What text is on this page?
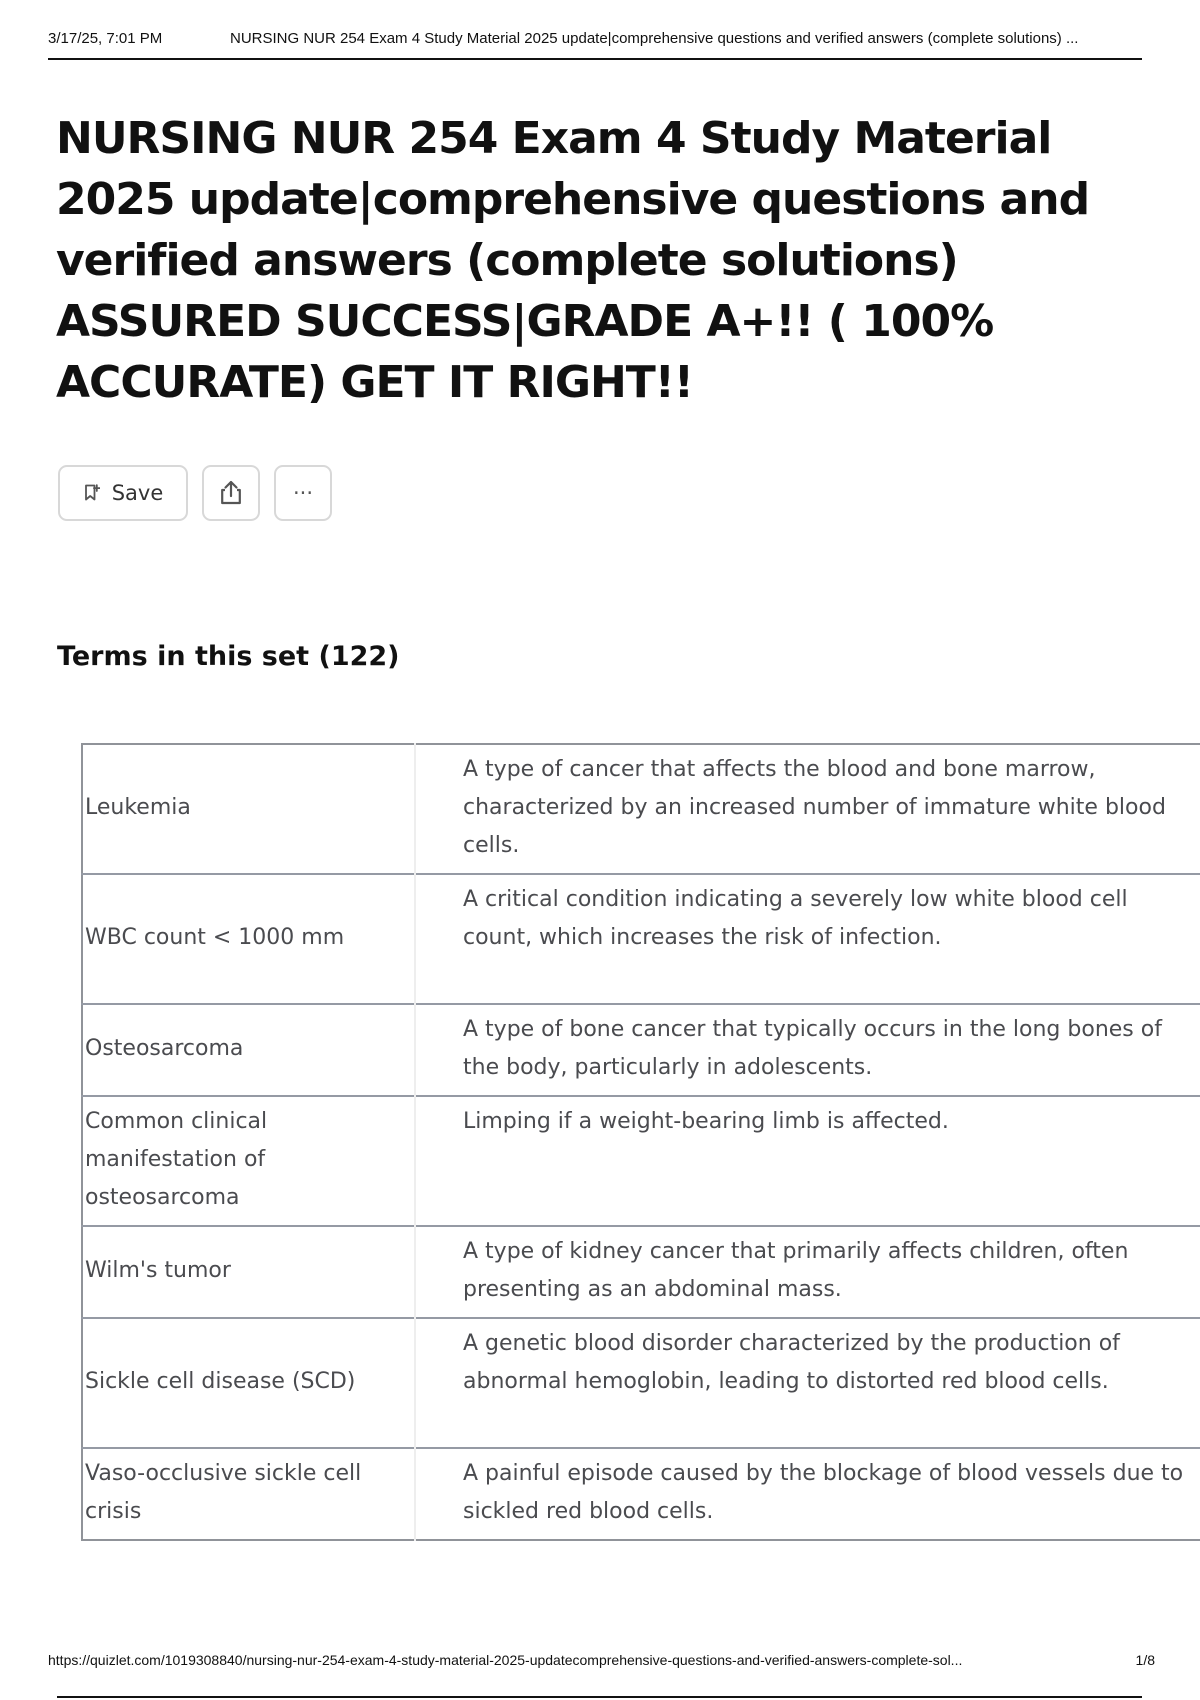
3/17/25, 7:01 PM	NURSING NUR 254 Exam 4 Study Material 2025 update|comprehensive questions and verified answers (complete solutions) ...
NURSING NUR 254 Exam 4 Study Material 2025 update|comprehensive questions and verified answers (complete solutions) ASSURED SUCCESS|GRADE A+!! ( 100% ACCURATE) GET IT RIGHT!!
Save	···
Terms in this set (122)
Leukemia	A type of cancer that affects the blood and bone marrow, characterized by an increased number of immature white blood cells.

WBC count < 1000 mm	A critical condition indicating a severely low white blood cell count, which increases the risk of infection.

Osteosarcoma	A type of bone cancer that typically occurs in the long bones of the body, particularly in adolescents.

Common clinical manifestation of osteosarcoma	Limping if a weight-bearing limb is affected.

Wilm's tumor	A type of kidney cancer that primarily affects children, often presenting as an abdominal mass.

Sickle cell disease (SCD)	A genetic blood disorder characterized by the production of abnormal hemoglobin, leading to distorted red blood cells.

Vaso-occlusive sickle cell crisis	A painful episode caused by the blockage of blood vessels due to sickled red blood cells.
https://quizlet.com/1019308840/nursing-nur-254-exam-4-study-material-2025-updatecomprehensive-questions-and-verified-answers-complete-sol...	1/8
